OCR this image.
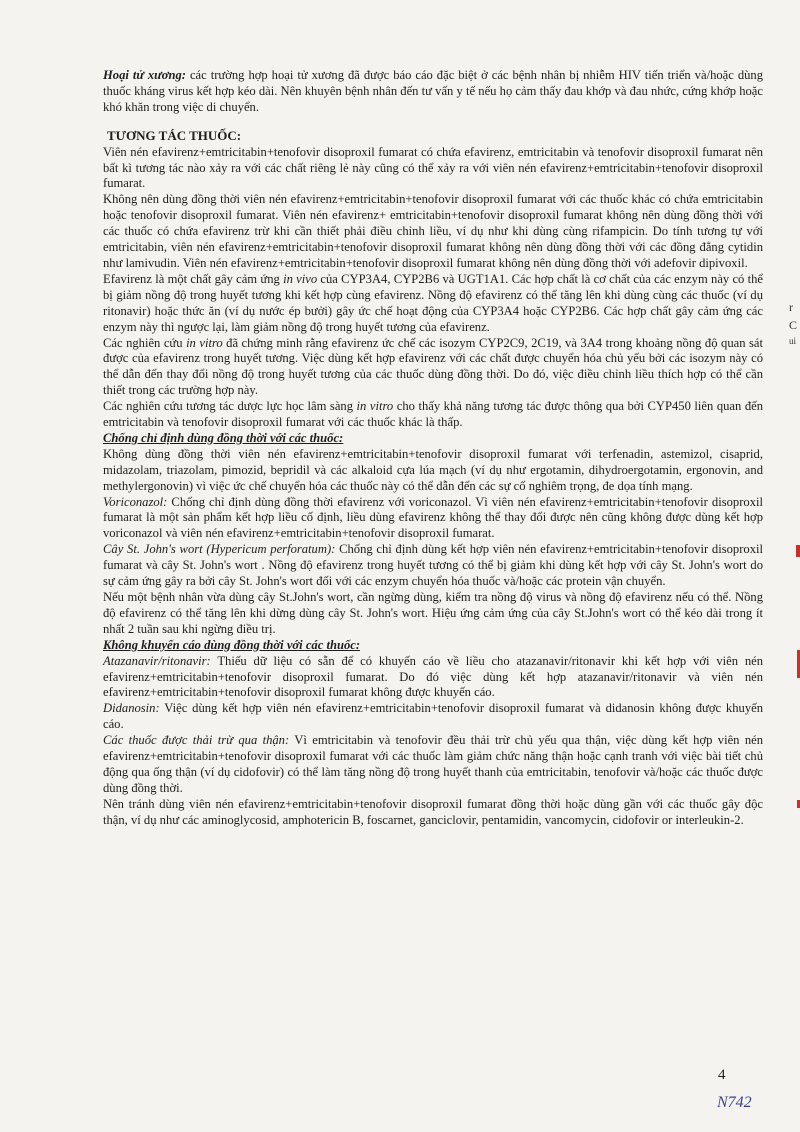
Hoại tử xương: các trường hợp hoại tử xương đã được báo cáo đặc biệt ở các bệnh nhân bị nhiễm HIV tiến triển và/hoặc dùng thuốc kháng virus kết hợp kéo dài. Nên khuyên bệnh nhân đến tư vấn y tế nếu họ cảm thấy đau khớp và đau nhức, cứng khớp hoặc khó khăn trong việc di chuyển.

TƯƠNG TÁC THUỐC:

Viên nén efavirenz+emtricitabin+tenofovir disoproxil fumarat có chứa efavirenz, emtricitabin và tenofovir disoproxil fumarat nên bất kì tương tác nào xảy ra với các chất riêng lẻ này cũng có thể xảy ra với viên nén efavirenz+emtricitabin+tenofovir disoproxil fumarat.

Không nên dùng đồng thời viên nén efavirenz+emtricitabin+tenofovir disoproxil fumarat với các thuốc khác có chứa emtricitabin hoặc tenofovir disoproxil fumarat. Viên nén efavirenz+ emtricitabin+tenofovir disoproxil fumarat không nên dùng đồng thời với các thuốc có chứa efavirenz trừ khi cần thiết phải điều chỉnh liều, ví dụ như khi dùng cùng rifampicin. Do tính tương tự với emtricitabin, viên nén efavirenz+emtricitabin+tenofovir disoproxil fumarat không nên dùng đồng thời với các đồng đẳng cytidin như lamivudin. Viên nén efavirenz+emtricitabin+tenofovir disoproxil fumarat không nên dùng đồng thời với adefovir dipivoxil.

Efavirenz là một chất gây cảm ứng in vivo của CYP3A4, CYP2B6 và UGT1A1. Các hợp chất là cơ chất của các enzym này có thể bị giảm nồng độ trong huyết tương khi kết hợp cùng efavirenz. Nồng độ efavirenz có thể tăng lên khi dùng cùng các thuốc (ví dụ ritonavir) hoặc thức ăn (ví dụ nước ép bưởi) gây ức chế hoạt động của CYP3A4 hoặc CYP2B6. Các hợp chất gây cảm ứng các enzym này thì ngược lại, làm giảm nồng độ trong huyết tương của efavirenz.

Các nghiên cứu in vitro đã chứng minh rằng efavirenz ức chế các isozym CYP2C9, 2C19, và 3A4 trong khoảng nồng độ quan sát được của efavirenz trong huyết tương. Việc dùng kết hợp efavirenz với các chất được chuyển hóa chủ yếu bởi các isozym này có thể dẫn đến thay đổi nồng độ trong huyết tương của các thuốc dùng đồng thời. Do đó, việc điều chỉnh liều thích hợp có thể cần thiết trong các trường hợp này.

Các nghiên cứu tương tác dược lực học lâm sàng in vitro cho thấy khả năng tương tác được thông qua bởi CYP450 liên quan đến emtricitabin và tenofovir disoproxil fumarat với các thuốc khác là thấp.

Chống chỉ định dùng đồng thời với các thuốc:

Không dùng đồng thời viên nén efavirenz+emtricitabin+tenofovir disoproxil fumarat với terfenadin, astemizol, cisaprid, midazolam, triazolam, pimozid, bepridil và các alkaloid cựa lúa mạch (ví dụ như ergotamin, dihydroergotamin, ergonovin, and methylergonovin) vì việc ức chế chuyển hóa các thuốc này có thể dẫn đến các sự cố nghiêm trọng, đe dọa tính mạng.

Voriconazol: Chống chỉ định dùng đồng thời efavirenz với voriconazol. Vì viên nén efavirenz+emtricitabin+tenofovir disoproxil fumarat là một sản phẩm kết hợp liều cố định, liều dùng efavirenz không thể thay đổi được nên cũng không được dùng kết hợp voriconazol và viên nén efavirenz+emtricitabin+tenofovir disoproxil fumarat.

Cây St. John's wort (Hypericum perforatum): Chống chỉ định dùng kết hợp viên nén efavirenz+emtricitabin+tenofovir disoproxil fumarat và cây St. John's wort . Nồng độ efavirenz trong huyết tương có thể bị giảm khi dùng kết hợp với cây St. John's wort do sự cảm ứng gây ra bởi cây St. John's wort đối với các enzym chuyển hóa thuốc và/hoặc các protein vận chuyển.

Nếu một bệnh nhân vừa dùng cây St.John's wort, cần ngừng dùng, kiểm tra nồng độ virus và nồng độ efavirenz nếu có thể. Nồng độ efavirenz có thể tăng lên khi dừng dùng cây St. John's wort. Hiệu ứng cảm ứng của cây St.John's wort có thể kéo dài trong ít nhất 2 tuần sau khi ngừng điều trị.

Không khuyến cáo dùng đồng thời với các thuốc:

Atazanavir/ritonavir: Thiếu dữ liệu có sẵn để có khuyến cáo về liều cho atazanavir/ritonavir khi kết hợp với viên nén efavirenz+emtricitabin+tenofovir disoproxil fumarat. Do đó việc dùng kết hợp atazanavir/ritonavir và viên nén efavirenz+emtricitabin+tenofovir disoproxil fumarat không được khuyến cáo.

Didanosin: Việc dùng kết hợp viên nén efavirenz+emtricitabin+tenofovir disoproxil fumarat và didanosin không được khuyến cáo.

Các thuốc được thải trừ qua thận: Vì emtricitabin và tenofovir đều thải trừ chủ yếu qua thận, việc dùng kết hợp viên nén efavirenz+emtricitabin+tenofovir disoproxil fumarat với các thuốc làm giảm chức năng thận hoặc cạnh tranh với việc bài tiết chủ động qua ống thận (ví dụ cidofovir) có thể làm tăng nồng độ trong huyết thanh của emtricitabin, tenofovir và/hoặc các thuốc được dùng đồng thời.

Nên tránh dùng viên nén efavirenz+emtricitabin+tenofovir disoproxil fumarat đồng thời hoặc dùng gần với các thuốc gây độc thận, ví dụ như các aminoglycosid, amphotericin B, foscarnet, ganciclovir, pentamidin, vancomycin, cidofovir or interleukin-2.

4
N742
r
C
ui
